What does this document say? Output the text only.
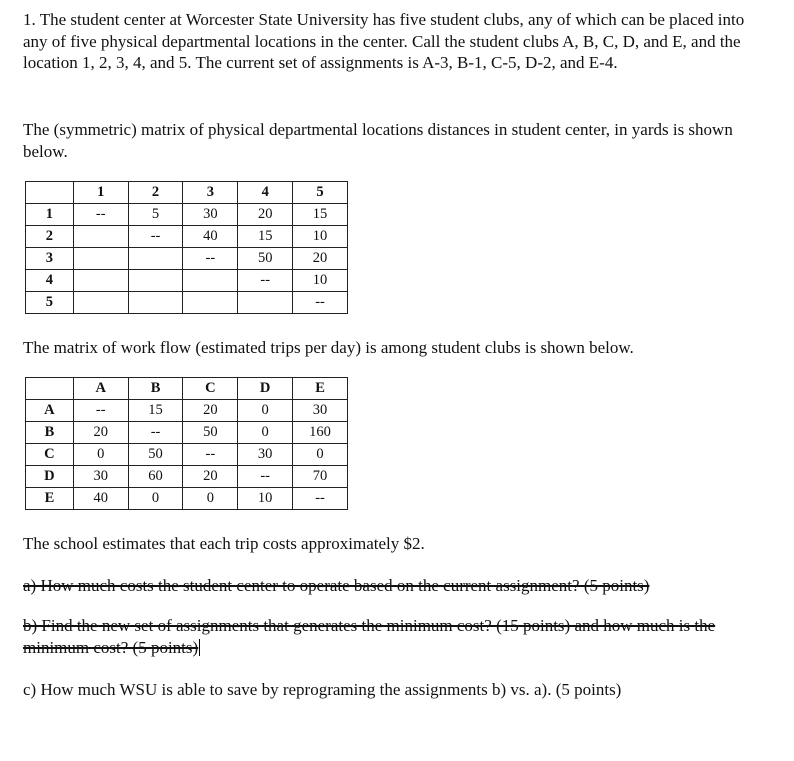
1. The student center at Worcester State University has five student clubs, any of which can be placed into any of five physical departmental locations in the center. Call the student clubs A, B, C, D, and E, and the location 1, 2, 3, 4, and 5. The current set of assignments is A-3, B-1, C-5, D-2, and E-4.

The (symmetric) matrix of physical departmental locations distances in student center, in yards is shown below.

	1	2	3	4	5
1	--	5	30	20	15
2		--	40	15	10
3			--	50	20
4				--	10
5					--

The matrix of work flow (estimated trips per day) is among student clubs is shown below.

	A	B	C	D	E
A	--	15	20	0	30
B	20	--	50	0	160
C	0	50	--	30	0
D	30	60	20	--	70
E	40	0	0	10	--

The school estimates that each trip costs approximately $2.

a) How much costs the student center to operate based on the current assignment? (5 points)

b) Find the new set of assignments that generates the minimum cost? (15 points) and how much is the minimum cost? (5 points)

c) How much WSU is able to save by reprograming the assignments b) vs. a). (5 points)
